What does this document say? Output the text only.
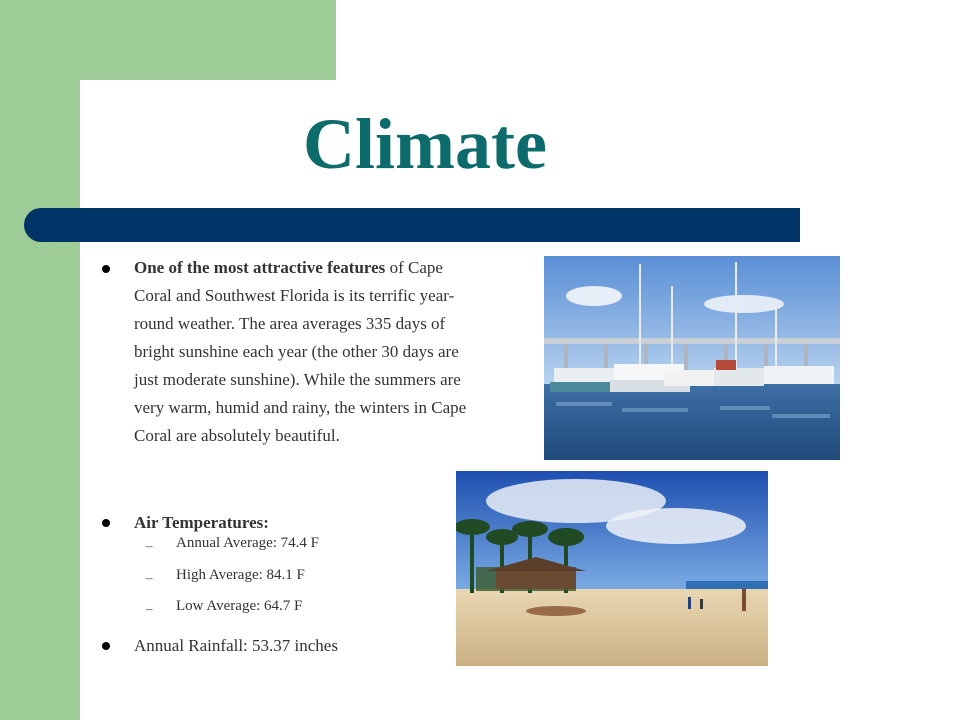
Climate
One of the most attractive features of Cape Coral and Southwest Florida is its terrific year-round weather. The area averages 335 days of bright sunshine each year (the other 30 days are just moderate sunshine). While the summers are very warm, humid and rainy, the winters in Cape Coral are absolutely beautiful.
Air Temperatures:
– Annual Average: 74.4 F
– High Average: 84.1 F
– Low Average: 64.7 F
Annual Rainfall: 53.37 inches
